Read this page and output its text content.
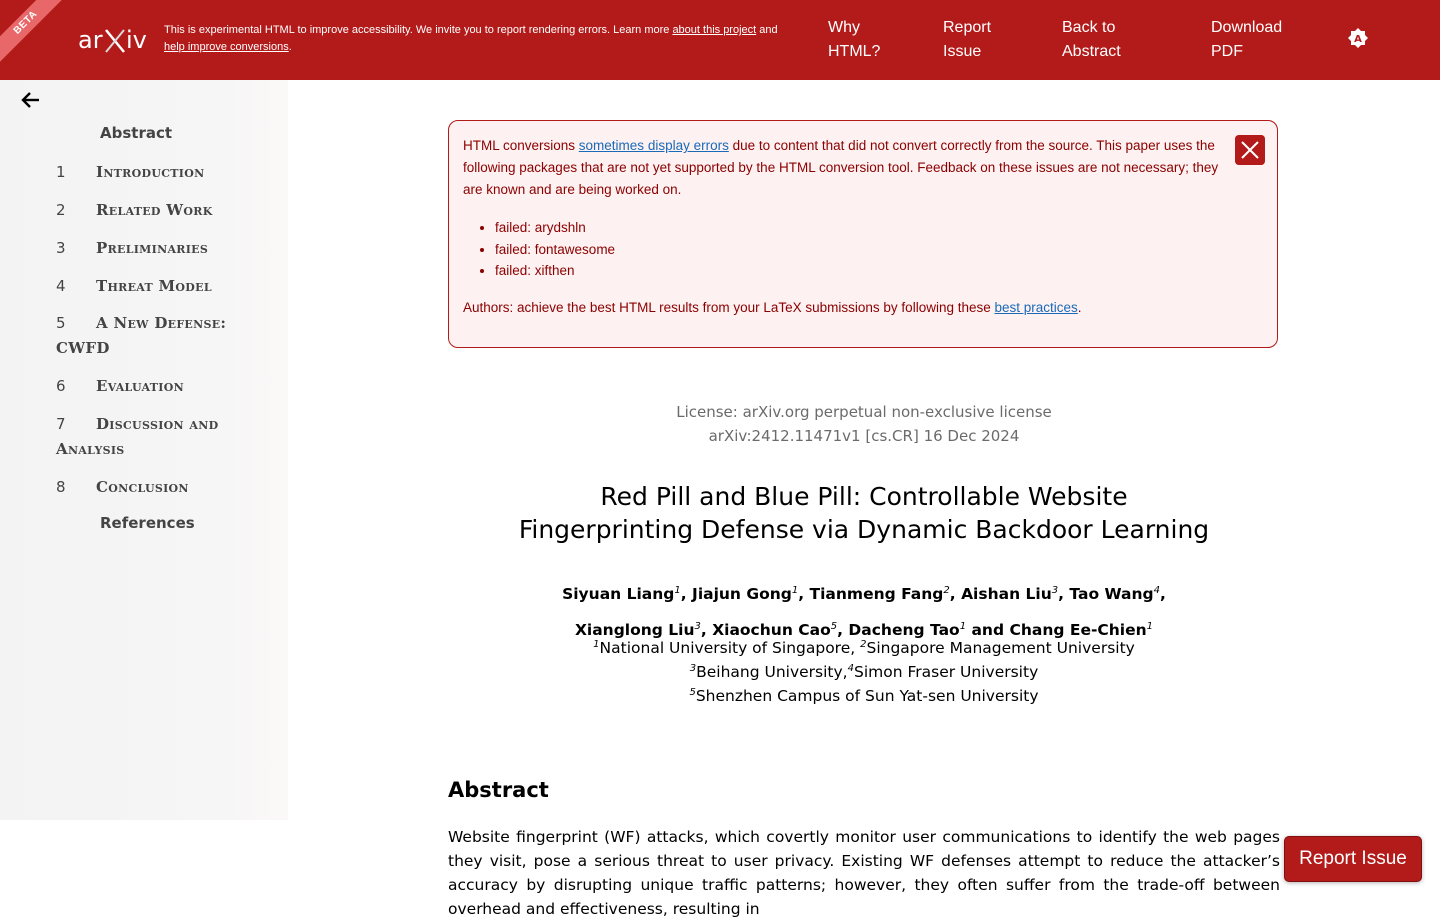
BETA
ar iv This is experimental HTML to improve accessibility. We invite you to report rendering errors. Learn more about this project and
help improve conversions.
Why HTML?
Report Issue
Back to Abstract
Download PDF
A
Abstract
1 Introduction
2 Related Work
3 Preliminaries
4 Threat Model
5 A New Defense: CWFD
6 Evaluation
7 Discussion and Analysis
8 Conclusion
References
HTML conversions sometimes display errors due to content that did not convert correctly from the source. This paper uses the following packages that are not yet supported by the HTML conversion tool. Feedback on these issues are not necessary; they are known and are being worked on.
• failed: arydshln
• failed: fontawesome
• failed: xifthen
Authors: achieve the best HTML results from your LaTeX submissions by following these best practices.
License: arXiv.org perpetual non-exclusive license
arXiv:2412.11471v1 [cs.CR] 16 Dec 2024
Red Pill and Blue Pill: Controllable Website
Fingerprinting Defense via Dynamic Backdoor Learning
Siyuan Liang$^1$, Jiajun Gong$^1$, Tianmeng Fang$^2$, Aishan Liu$^3$, Tao Wang$^4$,
Xianglong Liu$^3$, Xiaochun Cao$^5$, Dacheng Tao$^1$ and Chang Ee-Chien$^1$
$^1$National University of Singapore, $^2$Singapore Management University
$^3$Beihang University,$^4$Simon Fraser University
$^5$Shenzhen Campus of Sun Yat-sen University
Abstract
Website fingerprint (WF) attacks, which covertly monitor user communications to identify the web pages they visit, pose a serious threat to user privacy. Existing WF defenses attempt to reduce the attacker’s accuracy by disrupting unique traffic patterns; however, they often suffer from the trade-off between overhead and effectiveness, resulting in
Report Issue
